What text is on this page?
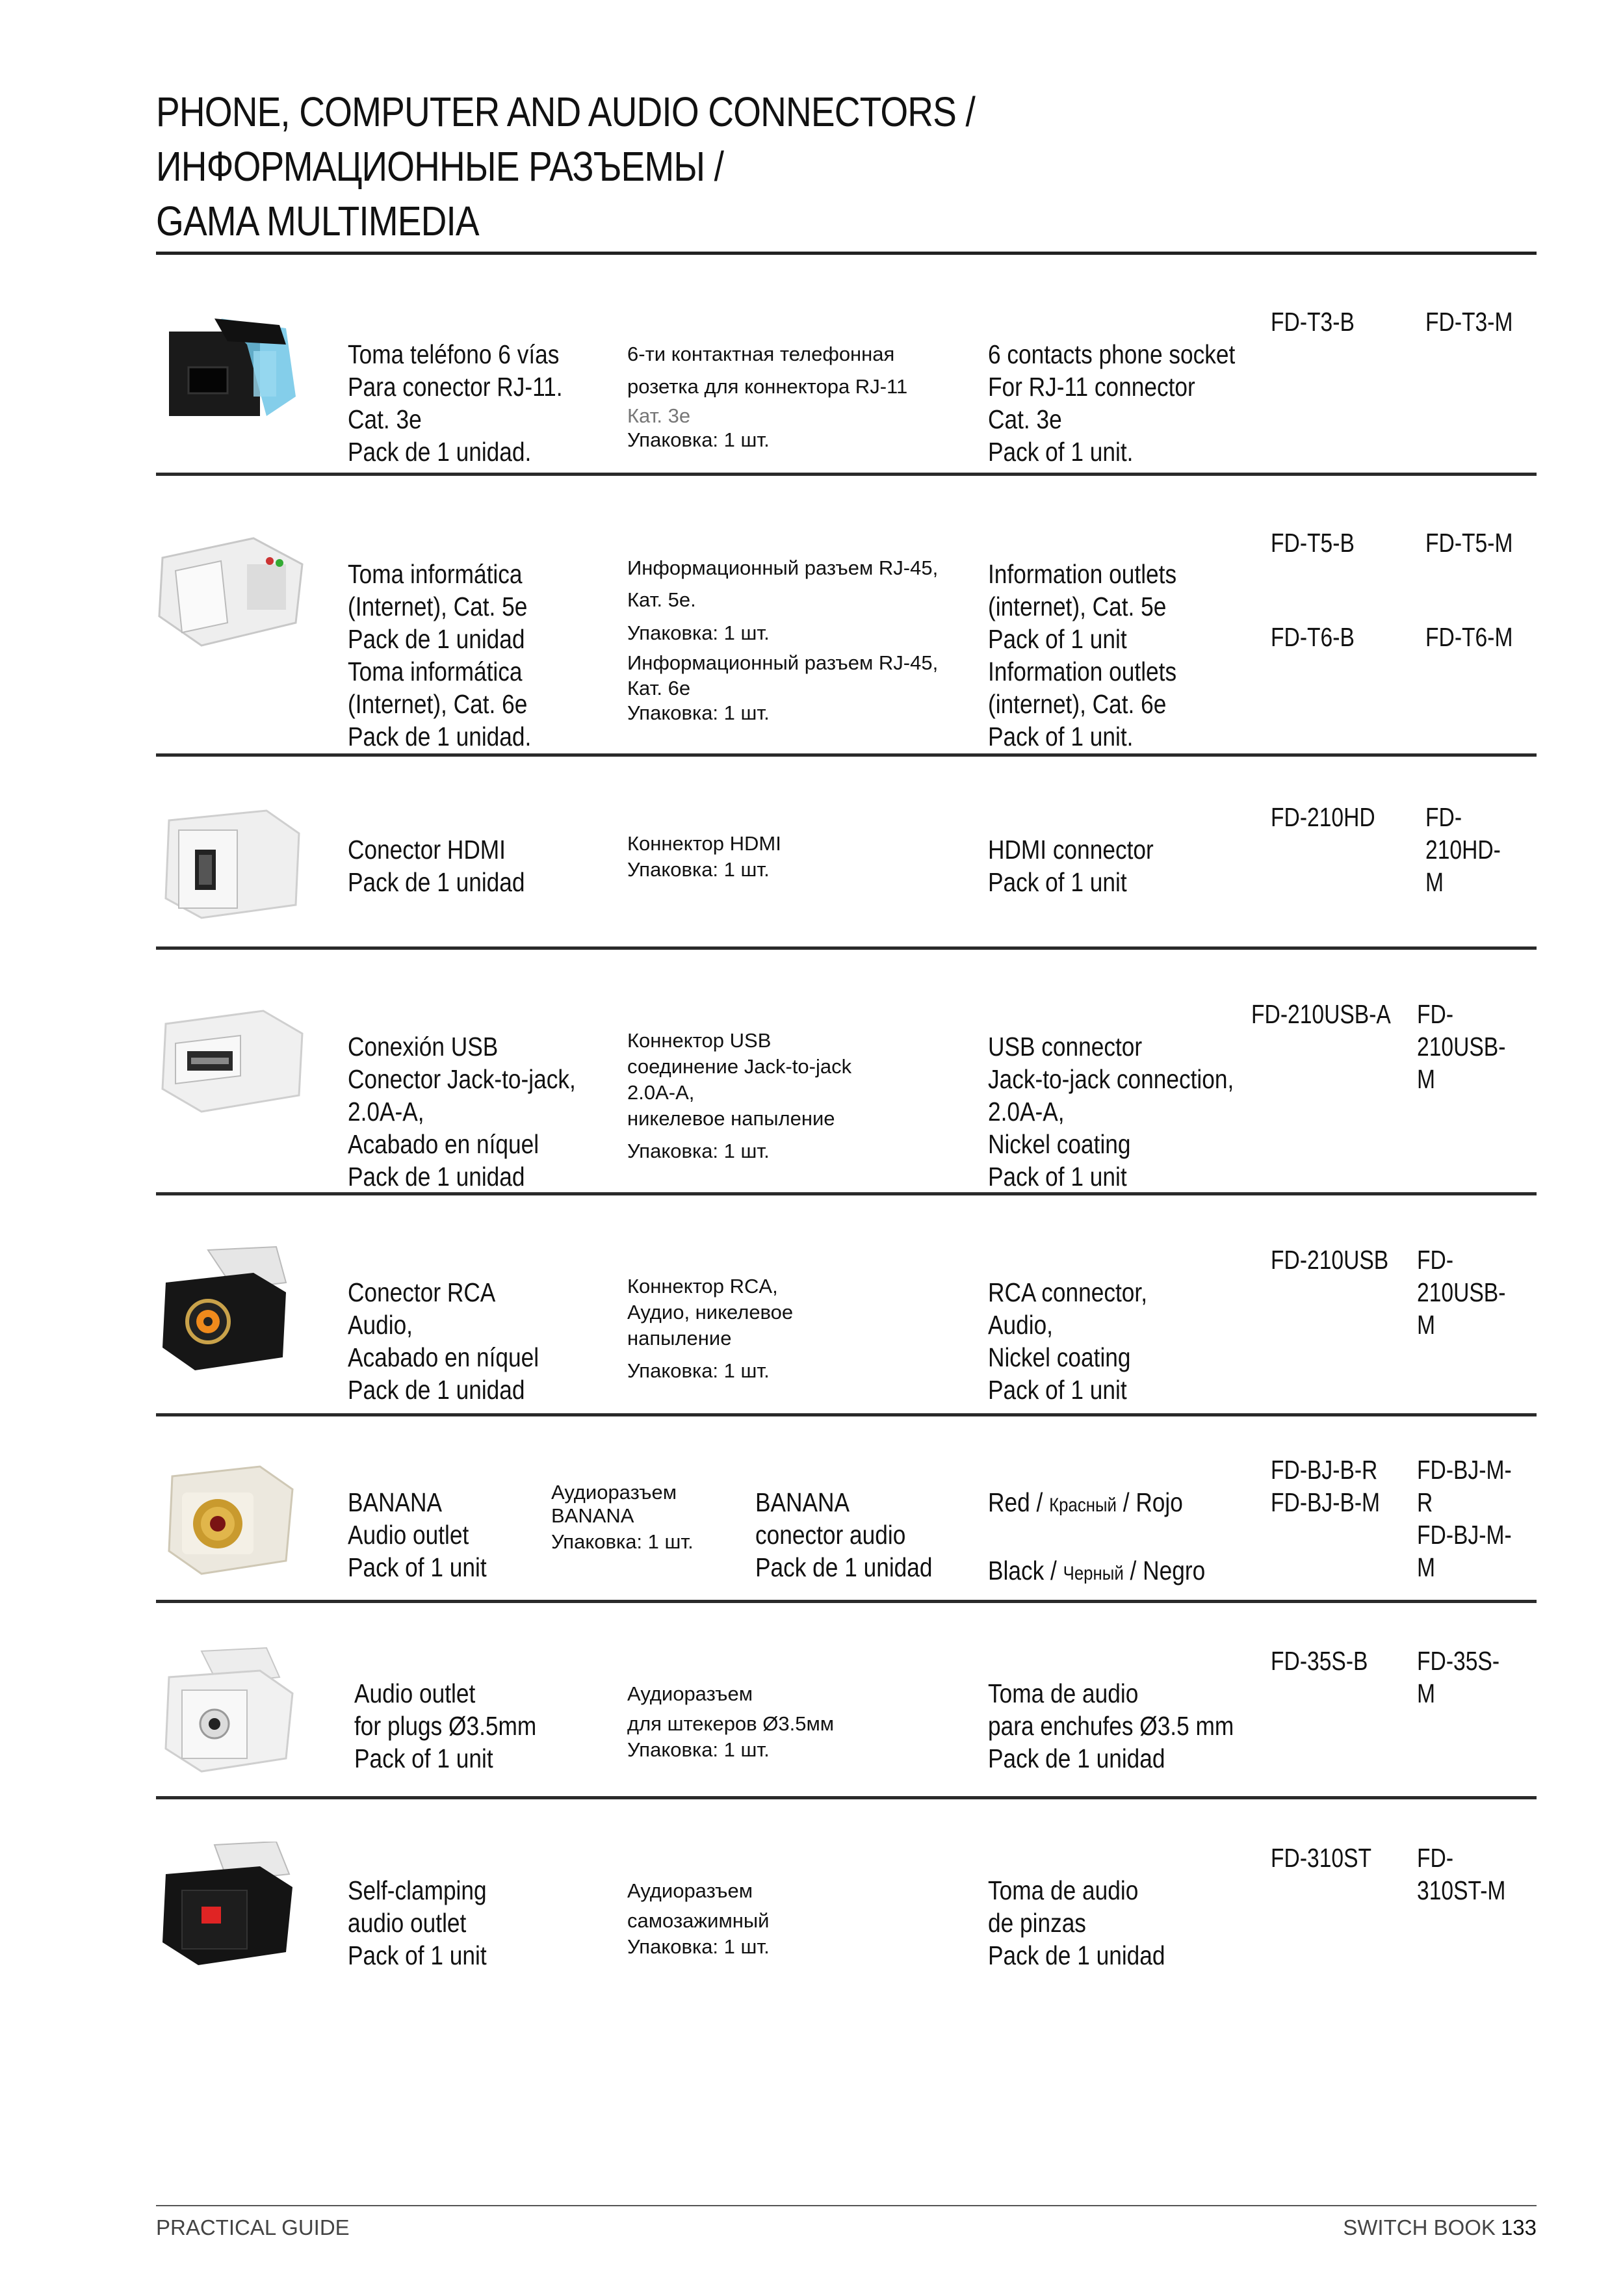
PHONE, COMPUTER AND AUDIO CONNECTORS /
ИНФОРМАЦИОННЫЕ РАЗЪЕМЫ /
GAMA MULTIMEDIA

Toma teléfono 6 vías
Para conector RJ-11.
Cat. 3e
Pack de 1 unidad.

6-ти контактная телефонная
розетка для коннектора RJ-11
Кат. 3е
Упаковка: 1 шт.

6 contacts phone socket
For RJ-11 connector
Cat. 3e
Pack of 1 unit.

FD-T3-B	FD-T3-M

Toma informática
(Internet), Cat. 5e
Pack de 1 unidad
Toma informática
(Internet), Cat. 6e
Pack de 1 unidad.

Информационный разъем RJ-45,
Кат. 5е.
Упаковка: 1 шт.
Информационный разъем RJ-45,
Кат. 6е
Упаковка: 1 шт.

Information outlets
(internet), Cat. 5e
Pack of 1 unit
Information outlets
(internet), Cat. 6e
Pack of 1 unit.

FD-T5-B
FD-T6-B
FD-T5-M
FD-T6-M

Conector HDMI
Pack de 1 unidad

Коннектор HDMI
Упаковка: 1 шт.

HDMI connector
Pack of 1 unit

FD-210HD FD-210HD-M

Conexión USB
Conector Jack-to-jack,
2.0A-A,
Acabado en níquel
Pack de 1 unidad

Коннектор USB
соединение Jack-to-jack
2.0A-A,
никелевое напыление
Упаковка: 1 шт.

USB connector
Jack-to-jack connection,
2.0A-A,
Nickel coating
Pack of 1 unit

FD-210USB-A FD-210USB-M

Conector RCA
Audio,
Acabado en níquel
Pack de 1 unidad

Коннектор RCA,
Аудио, никелевое
напыление
Упаковка: 1 шт.

RCA connector,
Audio,
Nickel coating
Pack of 1 unit

FD-210USB FD-210USB-M

BANANA
Audio outlet
Pack of 1 unit

Аудиоразъем
BANANA
Упаковка: 1 шт.

BANANA
conector audio
Pack de 1 unidad

Red / Красный / Rojo

Black / Черный / Negro

FD-BJ-B-R
FD-BJ-B-M
FD-BJ-M-R
FD-BJ-M-M

Audio outlet
for plugs Ø3.5mm
Pack of 1 unit

Аудиоразъем
для штекеров Ø3.5мм
Упаковка: 1 шт.

Toma de audio
para enchufes Ø3.5 mm
Pack de 1 unidad

FD-35S-B FD-35S-M

Self-clamping
audio outlet
Pack of 1 unit

Аудиоразъем
самозажимный
Упаковка: 1 шт.

Toma de audio
de pinzas
Pack de 1 unidad

FD-310ST FD-310ST-M
PRACTICAL GUIDE	SWITCH BOOK 133
